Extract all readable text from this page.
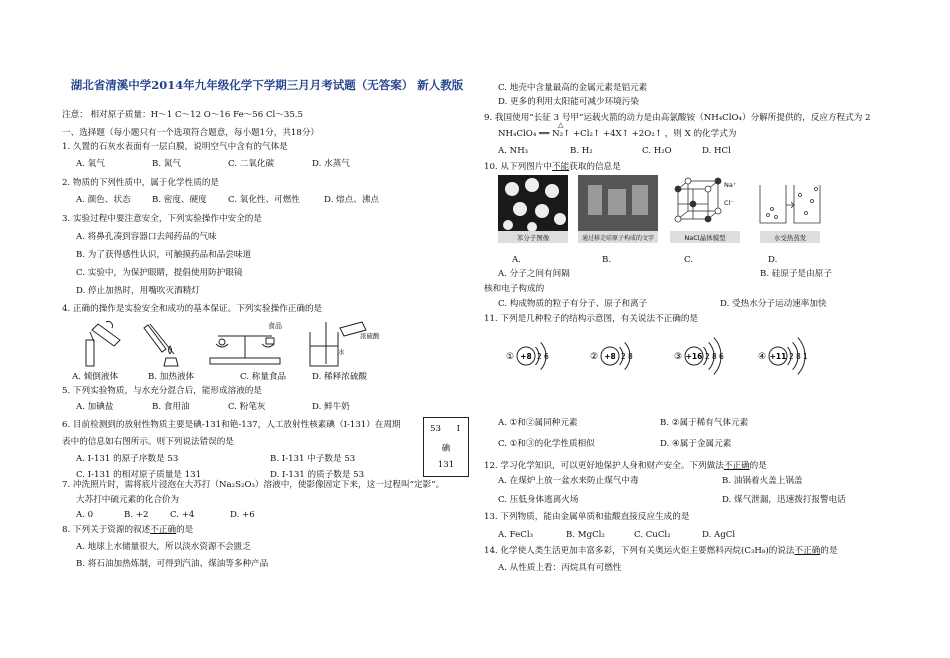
湖北省清溪中学2014年九年级化学下学期三月月考试题（无答案） 新人教版
注意： 相对原子质量：H～1 C～12 O～16 Fe～56 Cl～35.5
一、选择题（每小题只有一个选项符合题意，每小题1分，共18分）
1. 久置的石灰水表面有一层白膜，说明空气中含有的气体是
A. 氧气	B. 氮气	C. 二氧化碳	D. 水蒸气
2. 物质的下列性质中，属于化学性质的是
A. 颜色、状态 B. 密度、硬度 C. 氧化性、可燃性	D. 熔点、沸点
3. 实验过程中要注意安全，下列实验操作中安全的是
A. 将鼻孔凑到容器口去闻药品的气味
B. 为了获得感性认识，可触摸药品和品尝味道
C. 实验中，为保护眼睛，提倡使用防护眼镜
D. 停止加热时，用嘴吹灭酒精灯
4. 正确的操作是实验安全和成功的基本保证。下列实验操作正确的是
食品
浓硫酸
水
A. 倾倒液体	B. 加热液体	C. 称量食品	D. 稀释浓硫酸
5. 下列实验物质，与水充分混合后，能形成溶液的是
A. 加碘盐	B. 食用油	C. 粉笔灰	D. 鲜牛奶
6. 目前检测到的放射性物质主要是碘-131和铯-137，人工放射性核素碘（I-131）在周期
表中的信息如右图所示。则下列说法错误的是
A. I-131 的原子序数是 53	B. I-131 中子数是 53
C. I-131 的相对原子质量是 131	D. I-131 的质子数是 53
7. 冲洗照片时，需将底片浸泡在大苏打（Na₂S₂O₃）溶液中，使影像固定下来，这一过程叫“定影”。
大苏打中硫元素的化合价为
A. 0	B. +2	C. +4	D. +6
8. 下列关于资源的叙述不正确的是
A. 地球上水储量很大，所以淡水资源不会匮乏
B. 将石油加热炼制，可得到汽油、煤油等多种产品
53 I
碘
131
C. 地壳中含量最高的金属元素是铝元素
D. 更多的利用太阳能可减少环境污染
9. 我国使用“长征 3 号甲”运载火箭的动力是由高氯酸铵（NH₄ClO₄）分解所提供的，反应方程式为 2
NH₄ClO₄ ══ N₂↑ +Cl₂↑ +4X↑ +2O₂↑ ，则 X 的化学式为
△
A. NH₃	B. H₂	C. H₂O	D. HCl
10. 从下列图片中不能获取的信息是
苯分子图像	通过移走硅原子构成的文字
Na⁺
Cl⁻
NaCl晶体模型	水受热蒸发
A.	B.	C.	D.
A. 分子之间有间隔	B. 硅原子是由原子
核和电子构成的
C. 构成物质的粒子有分子、原子和离子	D. 受热水分子运动速率加快
11. 下列是几种粒子的结构示意图，有关说法不正确的是
① +8 2 6	② +8 2 8	③ +16 2 8 6	④ +11 2 8 1
A. ①和②属同种元素	B. ②属于稀有气体元素
C. ①和③的化学性质相似	D. ④属于金属元素
12. 学习化学知识，可以更好地保护人身和财产安全。下列做法不正确的是
A. 在煤炉上放一盆水来防止煤气中毒	B. 油锅着火盖上锅盖
C. 压低身体逃离火场	D. 煤气泄漏，迅速拨打报警电话
13. 下列物质，能由金属单质和盐酸直接反应生成的是
A. FeCl₃	B. MgCl₂	C. CuCl₂	D. AgCl
14. 化学使人类生活更加丰富多彩，下列有关奥运火炬主要燃料丙烷(C₃H₈)的说法不正确的是
A. 从性质上看：丙烷具有可燃性
